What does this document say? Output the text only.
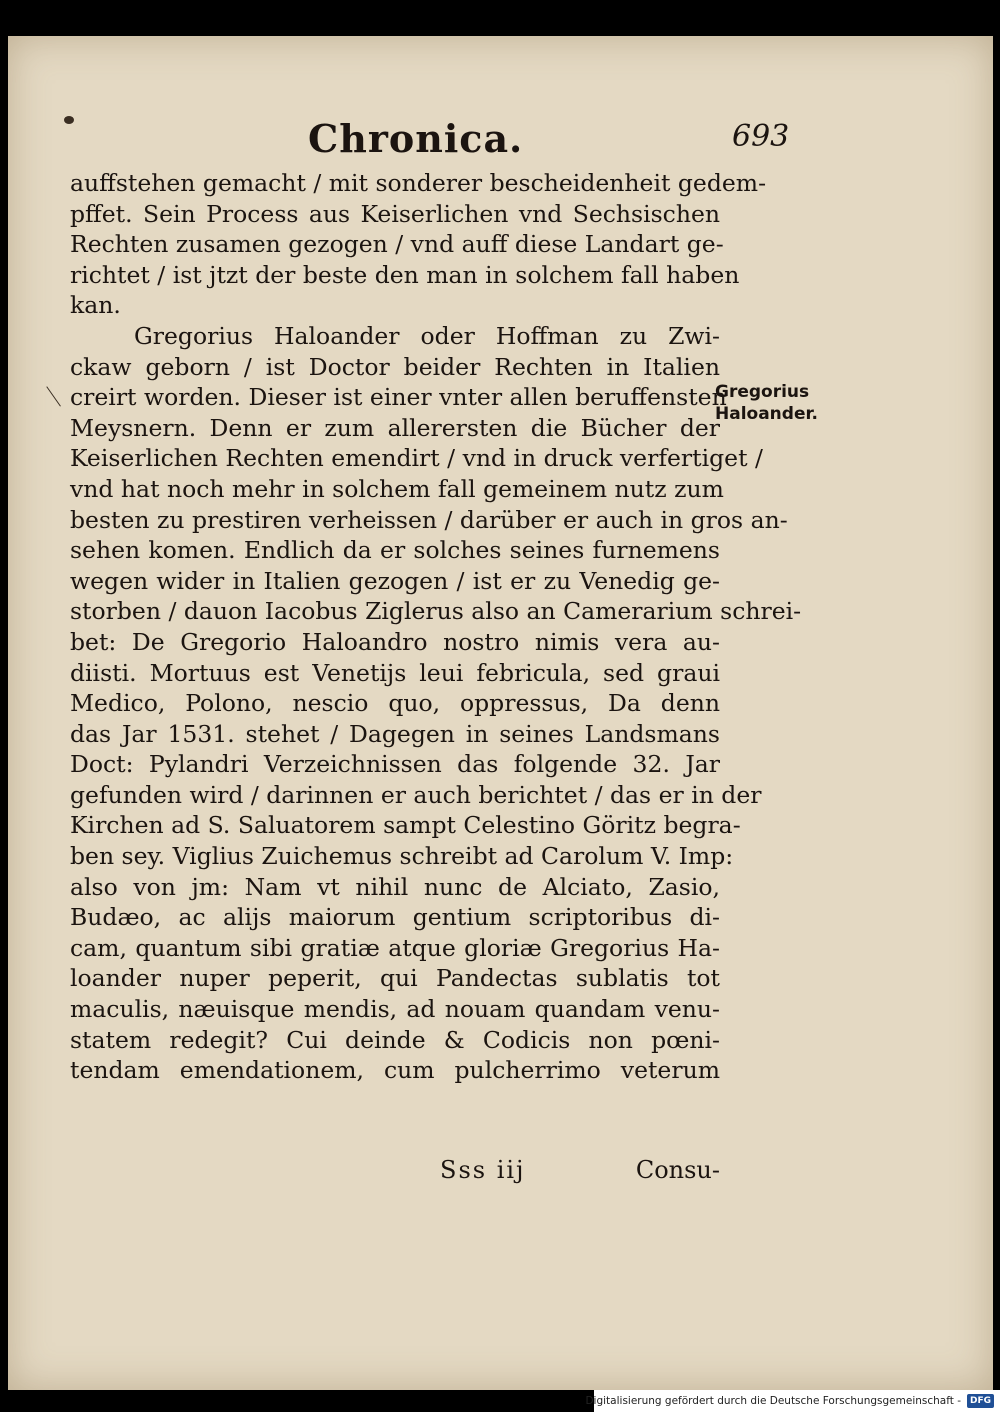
Chronica.	693
auffstehen gemacht / mit sonderer bescheidenheit gedem-
pffet. Sein Process aus Keiserlichen vnd Sechsischen
Rechten zusamen gezogen / vnd auff diese Landart ge-
richtet / ist jtzt der beste den man in solchem fall haben
kan.
Gregorius Haloander oder Hoffman zu Zwi-
ckaw geborn / ist Doctor beider Rechten in Italien
creirt worden. Dieser ist einer vnter allen beruffensten
Meysnern. Denn er zum allerersten die Bücher der
Keiserlichen Rechten emendirt / vnd in druck verfertiget /
vnd hat noch mehr in solchem fall gemeinem nutz zum
besten zu prestiren verheissen / darüber er auch in gros an-
sehen komen. Endlich da er solches seines furnemens
wegen wider in Italien gezogen / ist er zu Venedig ge-
storben / dauon Iacobus Ziglerus also an Camerarium schrei-
bet: De Gregorio Haloandro nostro nimis vera au-
diisti. Mortuus est Venetijs leui febricula, sed graui
Medico, Polono, nescio quo, oppressus, Da denn
das Jar 1531. stehet / Dagegen in seines Landsmans
Doct: Pylandri Verzeichnissen das folgende 32. Jar
gefunden wird / darinnen er auch berichtet / das er in der
Kirchen ad S. Saluatorem sampt Celestino Göritz begra-
ben sey. Viglius Zuichemus schreibt ad Carolum V. Imp:
also von jm: Nam vt nihil nunc de Alciato, Zasio,
Budæo, ac alijs maiorum gentium scriptoribus di-
cam, quantum sibi gratiæ atque gloriæ Gregorius Ha-
loander nuper peperit, qui Pandectas sublatis tot
maculis, næuisque mendis, ad nouam quandam venu-
statem redegit? Cui deinde & Codicis non pœni-
tendam emendationem, cum pulcherrimo veterum
Gregorius
Haloander.
Sss iij	Consu-
Digitalisierung gefördert durch die Deutsche Forschungsgemeinschaft -	DFG
